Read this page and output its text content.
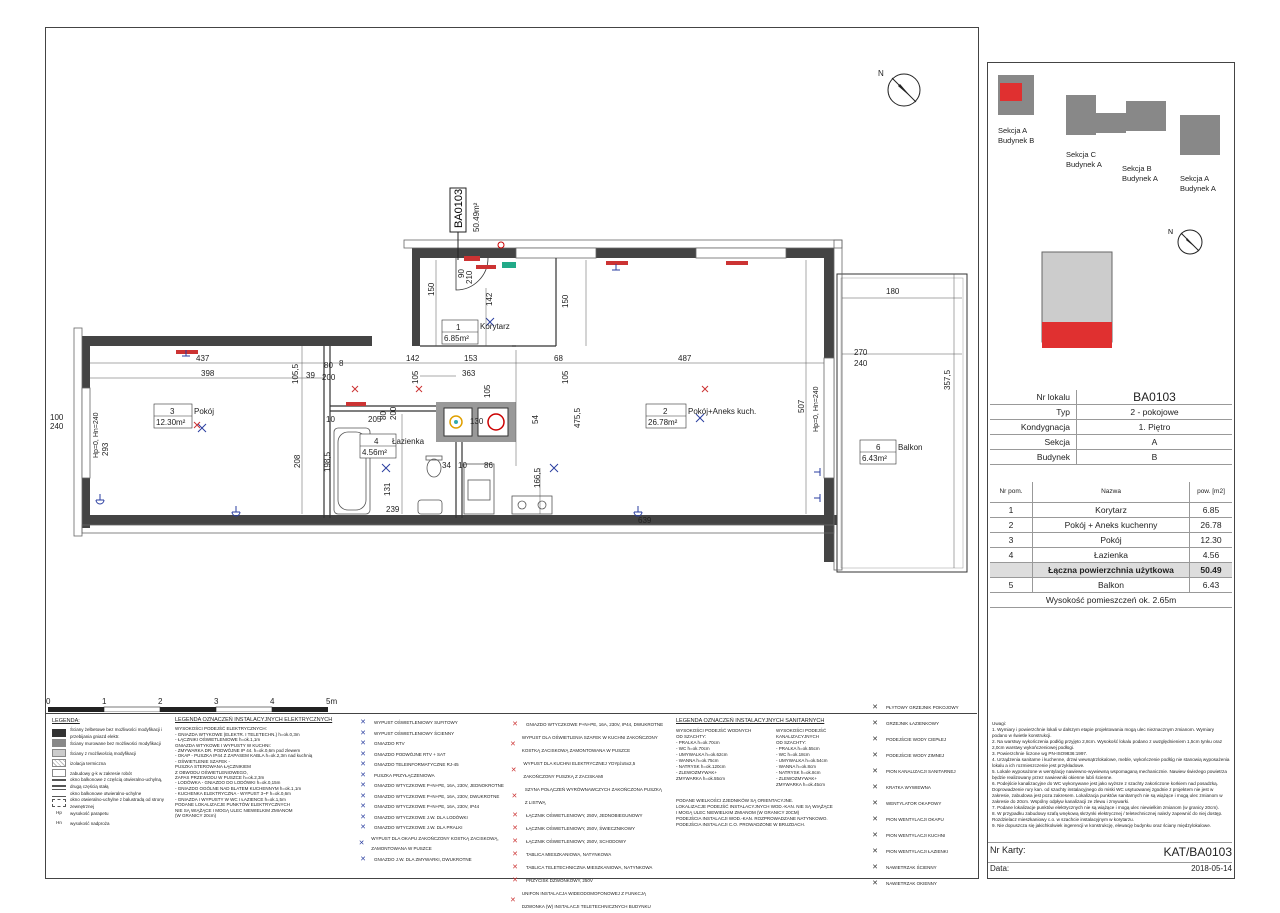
N
BA0103 50.49m²
437
398
142	153	68	487
363
80 8
200
39
105,5	105
105
105
475,5
54
166,5
208	198,5
131
10	205
80 200
130
34 10 86
239
639
150
150
142
90 210
507
293
100
240	Hp=0, Hn=240
Hp=0, Hn=240
180
270
240
357,5
1
6.85m²
Korytarz
2
26.78m²
Pokój+Aneks kuch.
3
12.30m²
Pokój
4
4.56m²
Łazienka
6
6.43m²
Balkon
0	1	2	3	4	5m
Sekcja A
Budynek B
Sekcja C
Budynek A	Sekcja B
Budynek A	Sekcja A
Budynek A
N
Nr lokalu	BA0103
Typ	2 - pokojowe
Kondygnacja	1. Piętro
Sekcja	A
Budynek	B
Nr pom.	Nazwa	pow. [m2]
1	Korytarz	6.85
2	Pokój + Aneks kuchenny	26.78
3	Pokój	12.30
4	Łazienka	4.56
Łączna powierzchnia użytkowa	50.49
5	Balkon	6.43
Wysokość pomieszczeń ok. 2.65m
LEGENDA:
Ściany żelbetowe bez możliwości modyfikacji i przebijania gniazd elektr.
Ściany murowane bez możliwości modyfikacji
Ściany z możliwością modyfikacji
izolacja termiczna
zabudowy g-k w zakresie robót
okno balkonowe z częścią otwieralno-uchylną, drugą częścią stałą
okno balkonowe otwieralno-uchylne
okno otwieralno-uchylne z balustradą od strony zewnętrznej
Hp	wysokość parapetu
Hn	wysokość nadproża
LEGENDA OZNACZEŃ INSTALACYJNYCH ELEKTRYCZNYCH
WYSOKOŚCI PODEJŚĆ ELEKTRYCZNYCH:
- GNIAZDA WTYKOWE (ELEKTR. I TELETECHN.) h=ok.0,3m
- ŁĄCZNIKI OŚWIETLENIOWE h=ok.1,1m
GNIAZDA WTYKOWE I WYPUSTY W KUCHNI:
- ZMYWARKA DR. PODWÓJNE IP 44. h=ok.0,6m pod zlewem
- OKAP - PUSZKA IP44 Z ZAPASEM KABLA h=ok.2,3m nad kuchnią
- OŚWIETLENIE SZAFEK -
PUSZKA STEROWANA ŁĄCZNIKIEM
Z OBWODU OŚWIETLENIOWEGO,
ZAPAS PRZEWODU W PUSZCE h=ok.2,3m
- LODÓWKA - GNIAZDO DO LODÓWKI h=ok.0,15m
- GNIAZDO OGÓLNE NAD BLATEM KUCHENNYM h=ok.1,1m
- KUCHENKA ELEKTRYCZNA - WYPUST 3~F h=ok.0,6m
- GNIAZDA I WYPUSTY W WC I ŁAZIENCE h=ok.1,5m
PODANE LOKALIZACJE PUNKTÓW ELEKTRYCZNYCH
NIE SĄ WIĄŻĄCE I MOGĄ ULEC NIEWIELKIM ZMIANOM
(W GRANICY 20cm)
✕	WYPUST OŚWIETLENIOWY SUFITOWY
✕	WYPUST OŚWIETLENIOWY ŚCIENNY
✕	GNIAZDO RTV
✕	GNIAZDO PODWÓJNE RTV + SAT
✕	GNIAZDO TELEINFORMATYCZNE RJ-45
✕	PUSZKA PRZYŁĄCZENIOWA
✕	GNIAZDO WTYCZKOWE P+N+PE, 16A, 230V, JEDNOKROTNE
✕	GNIAZDO WTYCZKOWE P+N+PE, 16A, 230V, DWUKROTNE
✕	GNIAZDO WTYCZKOWE P+N+PE, 16A, 230V, IP44
✕	GNIAZDO WTYCZKOWE J.W. DLA LODÓWKI
✕	GNIAZDO WTYCZKOWE J.W. DLA PRALKI
✕
WYPUST DLA OKAPU ZAKOŃCZONY KOSTKĄ ZACISKOWĄ, ZAMONTOWANA W PUSZCE
✕	GNIAZDO J.W. DLA ZMYWARKI, DWUKROTNE
✕	GNIAZDO WTYCZKOWE P+N+PE, 16A, 230V, IP44, DWUKROTNE
✕
WYPUST DLA OŚWIETLENIA SZAFEK W KUCHNI ZAKOŃCZONY KOSTKĄ ZACISKOWĄ ZAMONTOWANA W PUSZCE
✕
WYPUST DLA KUCHNI ELEKTRYCZNEJ YDYpżo5x2,5 ZAKOŃCZONY PUSZKĄ Z ZACISKAMI
✕
SZYNA POŁĄCZEŃ WYRÓWNAWCZYCH ZAKOŃCZONA PUSZKĄ Z LISTWĄ
✕	ŁĄCZNIK OŚWIETLENIOWY, 250V, JEDNOBIEGUNOWY
✕	ŁĄCZNIK OŚWIETLENIOWY, 250V, ŚWIECZNIKOWY
✕	ŁĄCZNIK OŚWIETLENIOWY, 250V, SCHODOWY
✕	TABLICA MIESZKANIOWA, NATYNKOWA
✕	TABLICA TELETECHNICZNA MIESZKANIOWA, NATYNKOWA
✕	PRZYCISK DZWONKOWY, 250V
✕
UNIFON INSTALACJA WIDEODOMOFONOWEJ Z FUNKCJĄ DZWONKA (W) INSTALACJI TELETECHNICZNYCH BUDYNKU
LEGENDA OZNACZEŃ INSTALACYJNYCH SANITARNYCH
WYSOKOŚCI PODEJŚĆ WODNYCH
OD SZACHTY:
- PRALKA h=ok.70cm
- WC h=ok.70cm
- UMYWALKA h=ok.62cm
- WANNA h=ok.75cm
- NATRYSK h=ok.120cm
- ZLEWOZMYWAK+
ZMYWARKA h=ok.55cm
WYSOKOŚCI PODEJŚĆ KANALIZACYJNYCH
OD SZACHTY:
- PRALKA h=ok.55cm
- WC h=ok.18cm
- UMYWALKA h=ok.54cm
- WANNA h=ok.8cm
- NATRYSK h=ok.8cm
- ZLEWOZMYWAK+
ZMYWARKA h=ok.45cm
PODANE WIELKOŚCI ZJEDNIKÓW SĄ ORIENTACYJNE.
LOKALIZACJE PODEJŚĆ INSTALACYJNYCH WOD.-KAN. NIE SĄ WIĄŻĄCE
I MOGĄ ULEC NIEWIELKIM ZMIANOM (W GRANICY 20CM)
PODEJŚCIA INSTALACJI WOD.-KAN. ROZPROWADZANE NATYNKOWO.
PODEJŚCIA INSTALACJI C.O. PROWADZONE W BRUZDACH.
✕	PŁYTOWY GRZEJNIK POKOJOWY
✕	GRZEJNIK ŁAZIENKOWY
✕	PODEJŚCIE WODY CIEPŁEJ
✕	PODEJŚCIE WODY ZIMNEJ
✕	PION KANALIZACJI SANITARNEJ
✕	KRATKA WYWIEWNA
✕	WENTYLATOR OKAPOWY
✕	PION WENTYLACJI OKAPU
✕	PION WENTYLACJI KUCHNI
✕	PION WENTYLACJI ŁAZIENKI
✕	NAWIETRZAK ŚCIENNY
✕	NAWIETRZAK OKIENNY
Uwagi:
1. Wymiary i powierzchnie lokali w dalszym etapie projektowania mogą ulec nieznacznym zmianom. Wymiary podano w świetle konstrukcji.
2. Na warstwy wykończenia podłóg przyjęto 2,8cm. Wysokość lokalu podano z uwzględnieniem 1,5cm tynku oraz 2,0cm warstwy wykończeniowej podłogi.
3. Powierzchnie liczone wg PN-ISO9836:1997.
4. Urządzenia sanitarne i kuchenne, drzwi wewnątrzlokalowe, meble, wykończenie podłóg nie stanowią wyposażenia lokalu a ich rozmieszczenie jest przykładowe.
5. Lokale wyposażone w wentylację nawiewno-wywiewną wspomaganą mechanicznie. Nawiew świeżego powietrza będzie realizowany przez nawiewniki okienne lub/i ścienne.
6. Podejście kanalizacyjne do WC wykonywane jest jako wyższe z szachty zakończone korkiem nad posadzką. Doprowadzenie rury kan. od szachty instalacyjnego do miski WC usytuowanej zgodnie z projektem nie jest w zakresie, zabudowa jest poza zakresem. Lokalizacja punktów sanitarnych nie są wiążące i mogą ulec zmianom w zakresie do 20cm. Wspólny odpływ kanalizacji ze zlewu i zmywarki.
7. Podane lokalizacje punktów elektrycznych nie są wiążące i mogą ulec niewielkim zmianom (w granicy 20cm).
8. W przypadku zabudowy szafą wnękową skrzynki elektrycznej / teletechnicznej należy zapewnić do niej dostęp. Rozdzielacz mieszkaniowy c.o. w szachcie instalacyjnym w korytarzu.
9. Nie dopuszcza się jakichkolwiek ingerencji w konstrukcję, elewację budynku oraz ściany międzylokalowe.
Nr Karty:	KAT/BA0103
Data:	2018-05-14
